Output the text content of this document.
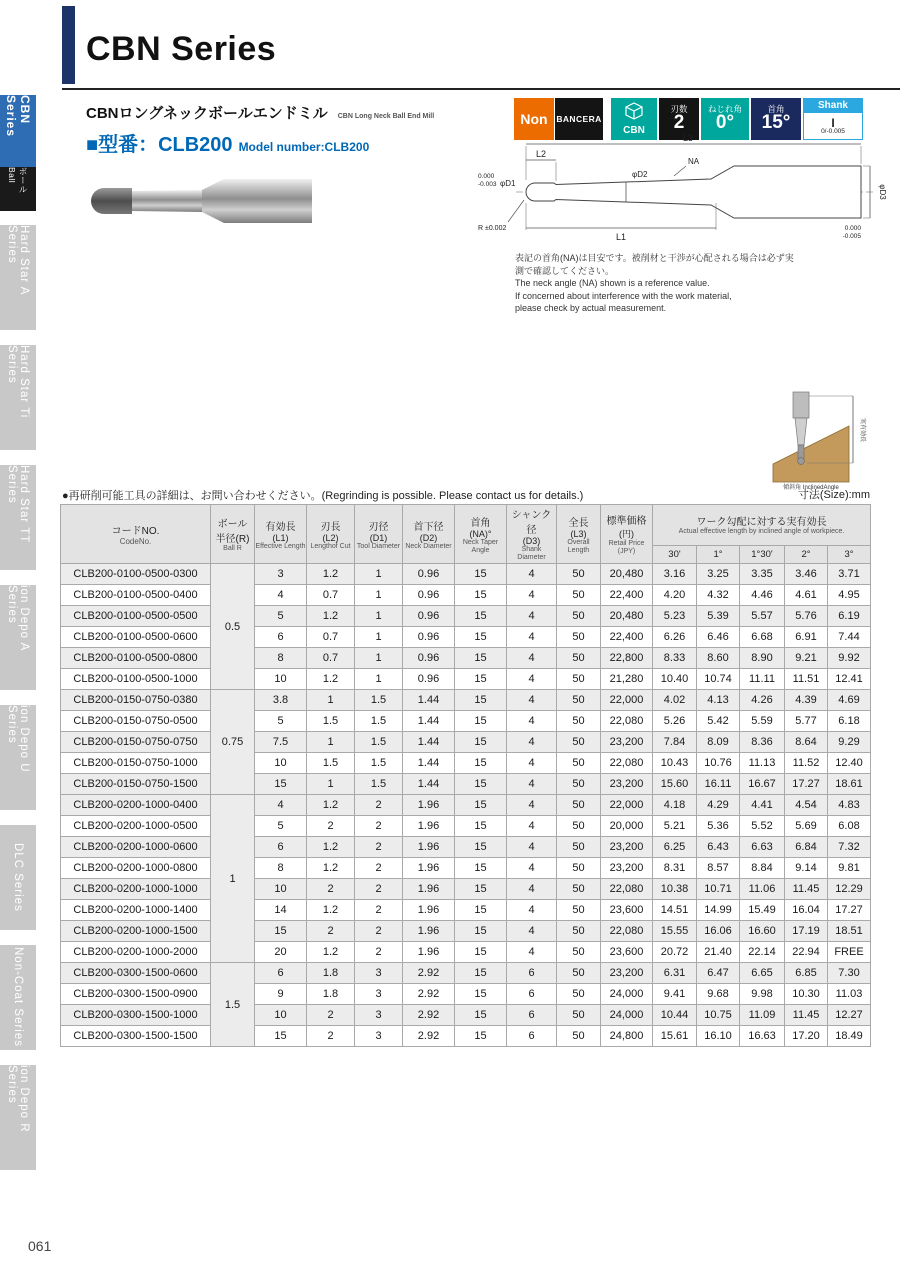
CBN Series
ボール Ball
Hard Star A Series
Hard Star Ti Series
Hard Star TT Series
ion Depo A Series
ion Depo U Series
DLC Series
Non-Coat Series
ion Depo R Series
CBN Series
CBNロングネックボールエンドミル CBN Long Neck Ball End Mill	Non BANCERA
CBN
刃数
2
ねじれ角
0°
首角
15°
Shank
I
0/-0.005
■型番：CLB200 Model number:CLB200
L3
L2
L1
0.000
-0.003 φD1
φD2
NA
φD3
0.000
-0.005
R ±0.002
表記の首角(NA)は目安です。被削材と干渉が心配される場合は必ず実測で確認してください。
The neck angle (NA) shown is a reference value.
If concerned about interference with the work material,
please check by actual measurement.
実有効長
傾斜角 InclinedAngle
●再研削可能工具の詳細は、お問い合わせください。(Regrinding is possible. Please contact us for details.)	寸法(Size):mm
コードNO.
CodeNo.

ボール
半径(R)
Ball R

有効長
(L1)
Effective Length

刃長
(L2)
Lengthof Cut

刃径
(D1)
Tool Diameter

首下径
(D2)
Neck Diameter

首角
(NA)°
Neck Taper Angle

シャンク径
(D3)
Shank Diameter

全長
(L3)
Overall Length

標準価格
(円)
Retail Price (JPY)

ワーク勾配に対する実有効長
Actual effective length by inclined angle of workpiece.

										30'	1°	1°30'	2°	3°
CLB200-0100-0500-0300	0.5	3	1.2	1	0.96	15	4	50	20,480	3.16	3.25	3.35	3.46	3.71
CLB200-0100-0500-0400		4	0.7	1	0.96	15	4	50	22,400	4.20	4.32	4.46	4.61	4.95
CLB200-0100-0500-0500		5	1.2	1	0.96	15	4	50	20,480	5.23	5.39	5.57	5.76	6.19
CLB200-0100-0500-0600		6	0.7	1	0.96	15	4	50	22,400	6.26	6.46	6.68	6.91	7.44
CLB200-0100-0500-0800		8	0.7	1	0.96	15	4	50	22,800	8.33	8.60	8.90	9.21	9.92
CLB200-0100-0500-1000		10	1.2	1	0.96	15	4	50	21,280	10.40	10.74	11.11	11.51	12.41
CLB200-0150-0750-0380	0.75	3.8	1	1.5	1.44	15	4	50	22,000	4.02	4.13	4.26	4.39	4.69
CLB200-0150-0750-0500		5	1.5	1.5	1.44	15	4	50	22,080	5.26	5.42	5.59	5.77	6.18
CLB200-0150-0750-0750		7.5	1	1.5	1.44	15	4	50	23,200	7.84	8.09	8.36	8.64	9.29
CLB200-0150-0750-1000		10	1.5	1.5	1.44	15	4	50	22,080	10.43	10.76	11.13	11.52	12.40
CLB200-0150-0750-1500		15	1	1.5	1.44	15	4	50	23,200	15.60	16.11	16.67	17.27	18.61
CLB200-0200-1000-0400	1	4	1.2	2	1.96	15	4	50	22,000	4.18	4.29	4.41	4.54	4.83
CLB200-0200-1000-0500		5	2	2	1.96	15	4	50	20,000	5.21	5.36	5.52	5.69	6.08
CLB200-0200-1000-0600		6	1.2	2	1.96	15	4	50	23,200	6.25	6.43	6.63	6.84	7.32
CLB200-0200-1000-0800		8	1.2	2	1.96	15	4	50	23,200	8.31	8.57	8.84	9.14	9.81
CLB200-0200-1000-1000		10	2	2	1.96	15	4	50	22,080	10.38	10.71	11.06	11.45	12.29
CLB200-0200-1000-1400		14	1.2	2	1.96	15	4	50	23,600	14.51	14.99	15.49	16.04	17.27
CLB200-0200-1000-1500		15	2	2	1.96	15	4	50	22,080	15.55	16.06	16.60	17.19	18.51
CLB200-0200-1000-2000		20	1.2	2	1.96	15	4	50	23,600	20.72	21.40	22.14	22.94	FREE
CLB200-0300-1500-0600	1.5	6	1.8	3	2.92	15	6	50	23,200	6.31	6.47	6.65	6.85	7.30
CLB200-0300-1500-0900		9	1.8	3	2.92	15	6	50	24,000	9.41	9.68	9.98	10.30	11.03
CLB200-0300-1500-1000		10	2	3	2.92	15	6	50	24,000	10.44	10.75	11.09	11.45	12.27
CLB200-0300-1500-1500		15	2	3	2.92	15	6	50	24,800	15.61	16.10	16.63	17.20	18.49
061
